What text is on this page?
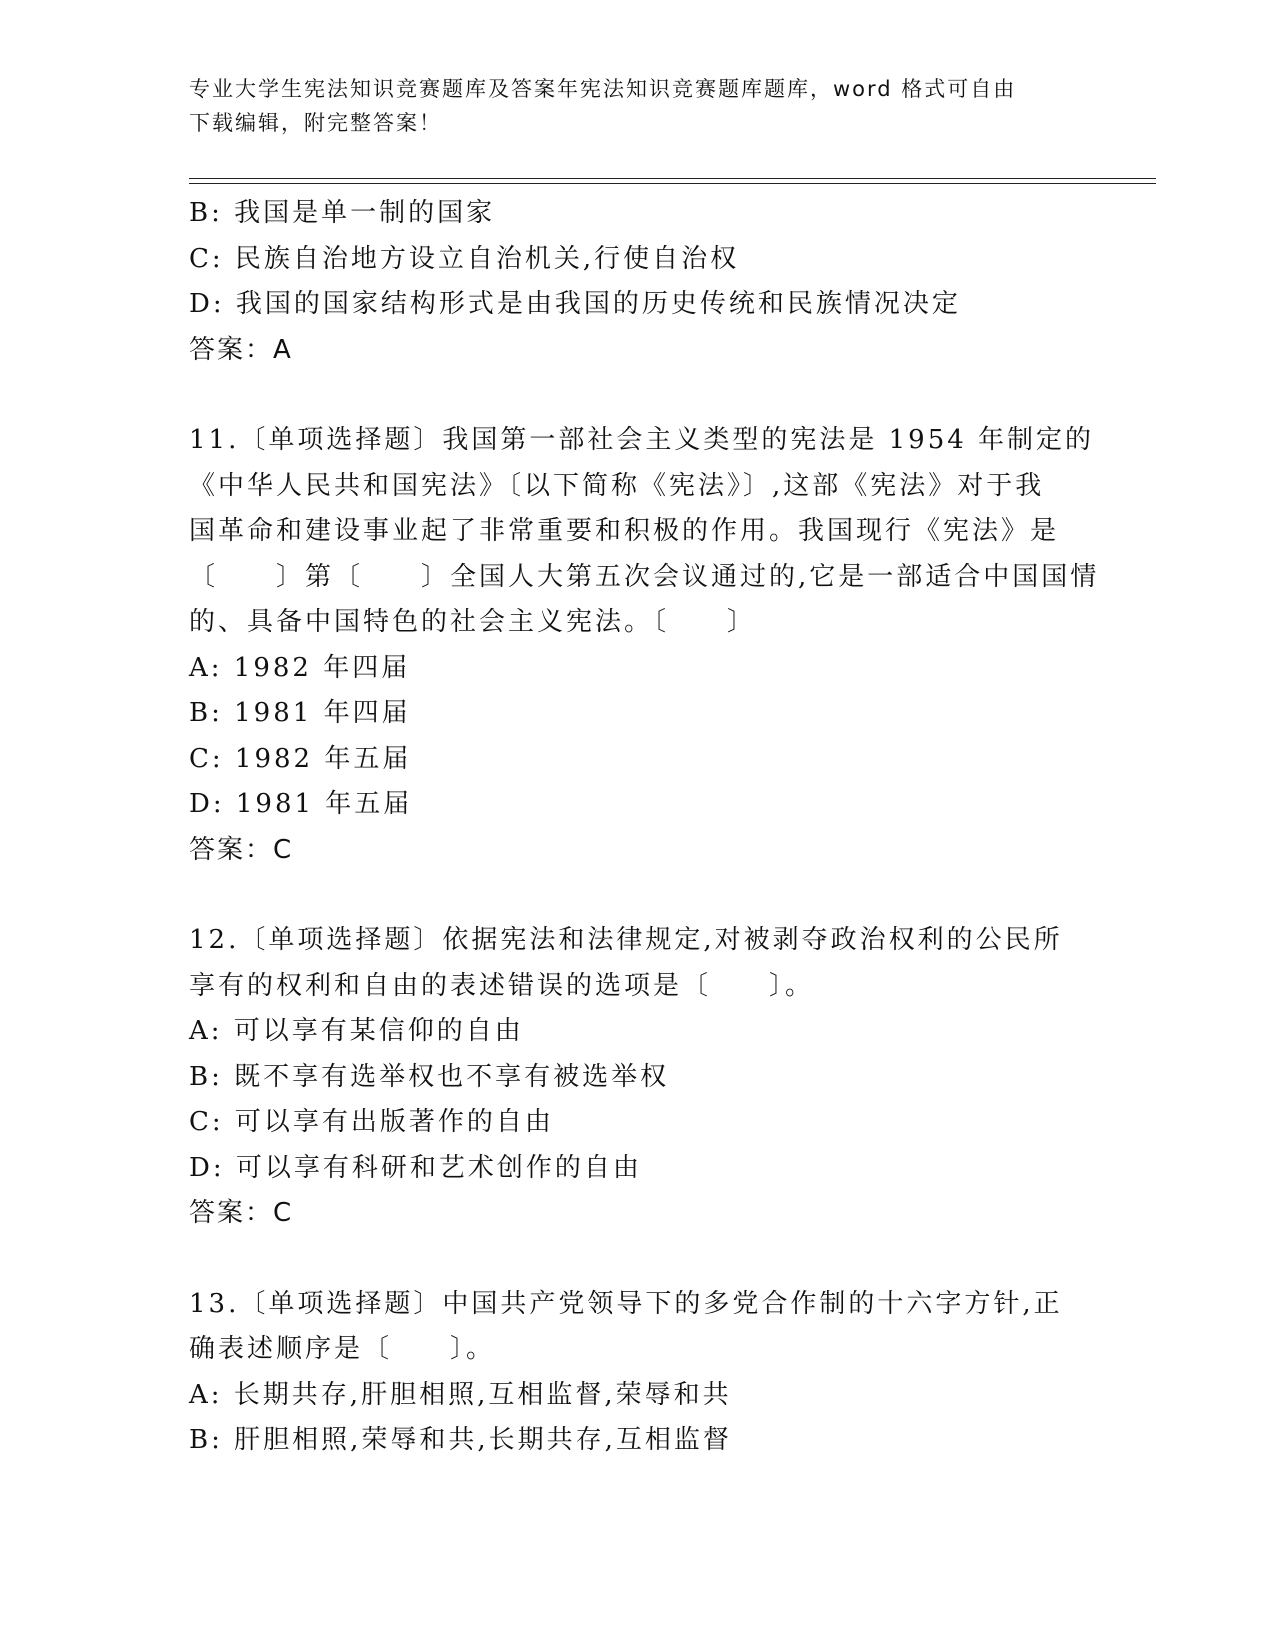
专业大学生宪法知识竞赛题库及答案年宪法知识竞赛题库题库，word 格式可自由
下载编辑，附完整答案！
B: 我国是单一制的国家
C: 民族自治地方设立自治机关,行使自治权
D: 我国的国家结构形式是由我国的历史传统和民族情况决定
答案：A
11.〔单项选择题〕我国第一部社会主义类型的宪法是 1954 年制定的
《中华人民共和国宪法》〔以下简称《宪法》〕,这部《宪法》对于我
国革命和建设事业起了非常重要和积极的作用。我国现行《宪法》是
〔　　〕第〔　　〕全国人大第五次会议通过的,它是一部适合中国国情
的、具备中国特色的社会主义宪法。〔　　〕
A: 1982 年四届
B: 1981 年四届
C: 1982 年五届
D: 1981 年五届
答案：C
12.〔单项选择题〕依据宪法和法律规定,对被剥夺政治权利的公民所
享有的权利和自由的表述错误的选项是〔　　〕。
A: 可以享有某信仰的自由
B: 既不享有选举权也不享有被选举权
C: 可以享有出版著作的自由
D: 可以享有科研和艺术创作的自由
答案：C
13.〔单项选择题〕中国共产党领导下的多党合作制的十六字方针,正
确表述顺序是〔　　〕。
A: 长期共存,肝胆相照,互相监督,荣辱和共
B: 肝胆相照,荣辱和共,长期共存,互相监督
